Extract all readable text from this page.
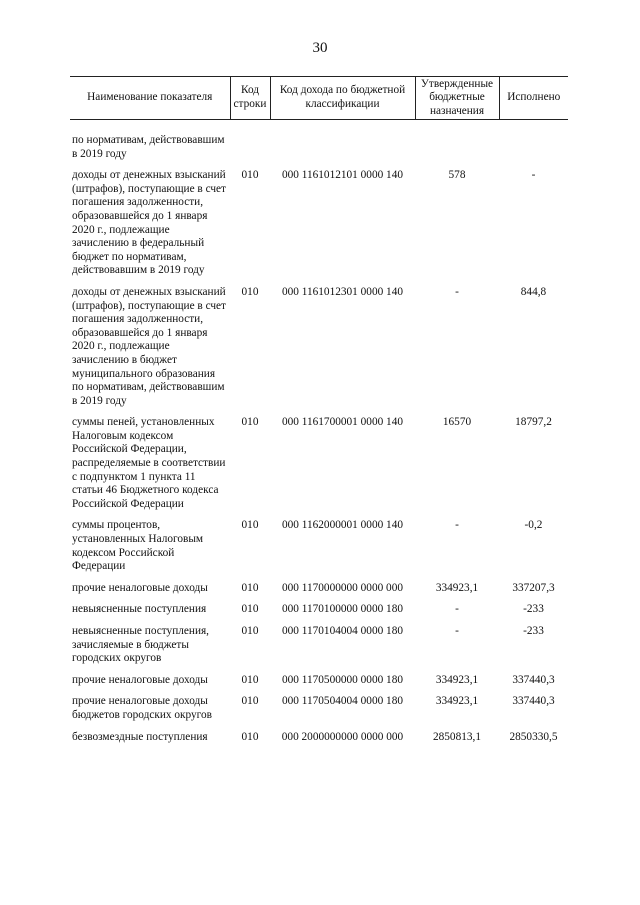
30
Наименование показателя	Код строки	Код дохода по бюджетной классификации	Утвержденные бюджетные назначения	Исполнено
по нормативам, действовавшим в 2019 году				
доходы от денежных взысканий (штрафов), поступающие в счет погашения задолженности, образовавшейся до 1 января 2020 г., подлежащие зачислению в федеральный бюджет по нормативам, действовавшим в 2019 году	010	000 1161012101 0000 140	578	-
доходы от денежных взысканий (штрафов), поступающие в счет погашения задолженности, образовавшейся до 1 января 2020 г., подлежащие зачислению в бюджет муниципального образования по нормативам, действовавшим в 2019 году	010	000 1161012301 0000 140	-	844,8
суммы пеней, установленных Налоговым кодексом Российской Федерации, распределяемые в соответствии с подпунктом 1 пункта 11 статьи 46 Бюджетного кодекса Российской Федерации	010	000 1161700001 0000 140	16570	18797,2
суммы процентов, установленных Налоговым кодексом Российской Федерации	010	000 1162000001 0000 140	-	-0,2
прочие неналоговые доходы	010	000 1170000000 0000 000	334923,1	337207,3
невыясненные поступления	010	000 1170100000 0000 180	-	-233
невыясненные поступления, зачисляемые в бюджеты городских округов	010	000 1170104004 0000 180	-	-233
прочие неналоговые доходы	010	000 1170500000 0000 180	334923,1	337440,3
прочие неналоговые доходы бюджетов городских округов	010	000 1170504004 0000 180	334923,1	337440,3
безвозмездные поступления	010	000 2000000000 0000 000	2850813,1	2850330,5
